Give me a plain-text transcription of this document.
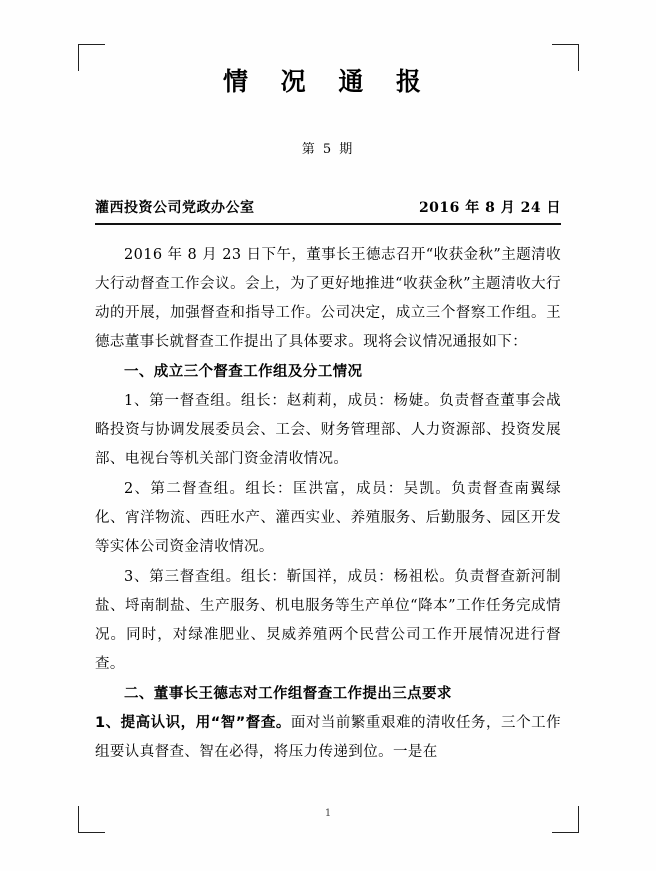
情 况 通 报
第 5 期
灌西投资公司党政办公室	2016 年 8 月 24 日

2016 年 8 月 23 日下午，董事长王德志召开“收获金秋”主题清收大行动督查工作会议。会上，为了更好地推进“收获金秋”主题清收大行动的开展，加强督查和指导工作。公司决定，成立三个督察工作组。王德志董事长就督查工作提出了具体要求。现将会议情况通报如下：

一、成立三个督查工作组及分工情况

1、第一督查组。组长：赵莉莉，成员：杨婕。负责督查董事会战略投资与协调发展委员会、工会、财务管理部、人力资源部、投资发展部、电视台等机关部门资金清收情况。

2、第二督查组。组长：匡洪富，成员：吴凯。负责督查南翼绿化、宵洋物流、西旺水产、灌西实业、养殖服务、后勤服务、园区开发等实体公司资金清收情况。

3、第三督查组。组长：靳国祥，成员：杨祖松。负责督查新河制盐、埒南制盐、生产服务、机电服务等生产单位“降本”工作任务完成情况。同时，对绿准肥业、炅威养殖两个民营公司工作开展情况进行督查。

二、董事长王德志对工作组督查工作提出三点要求

1、提高认识，用“智”督查。面对当前繁重艰难的清收任务，三个工作组要认真督查、智在必得，将压力传递到位。一是在

1
